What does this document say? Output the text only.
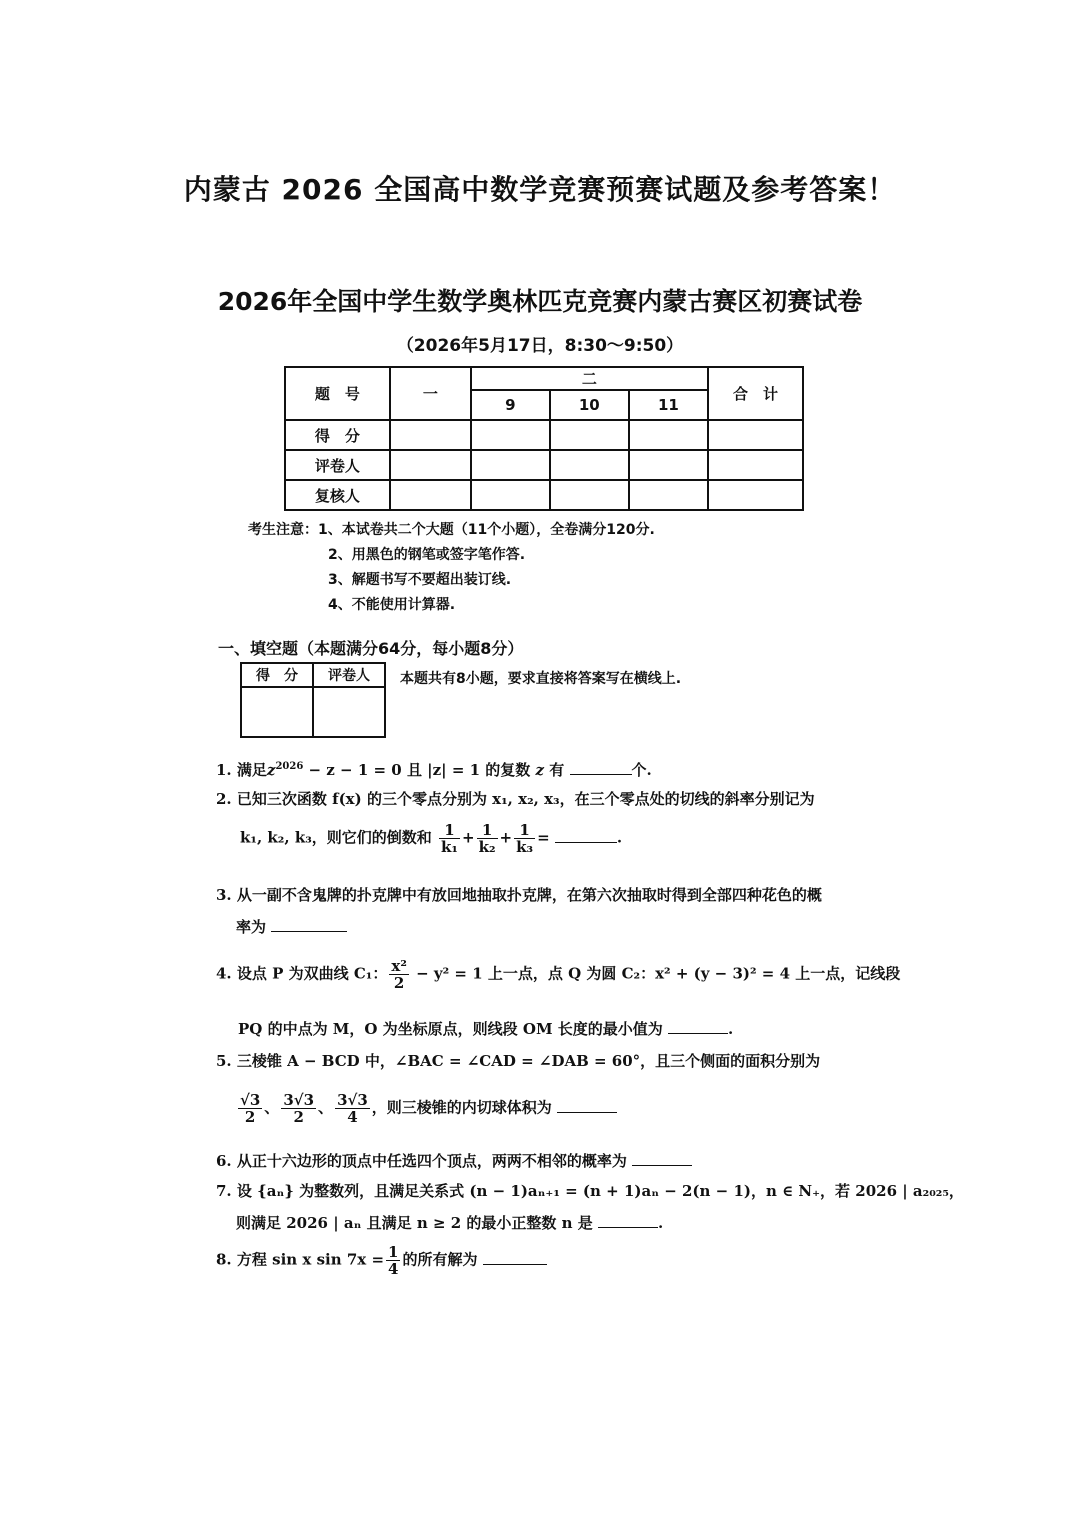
内蒙古 2026 全国高中数学竞赛预赛试题及参考答案！
2026年全国中学生数学奥林匹克竞赛内蒙古赛区初赛试卷
（2026年5月17日，8:30～9:50）
题　号	一	二			合　计
		9	10	11	
得　分					
评卷人					
复核人					
考生注意：1、本试卷共二个大题（11个小题），全卷满分120分.
2、用黑色的钢笔或签字笔作答.
3、解题书写不要超出装订线.
4、不能使用计算器.
一、填空题（本题满分64分，每小题8分）
得　分	评卷人
	本题共有8小题，要求直接将答案写在横线上.
1. 满足$z^{2026} - z - 1 = 0$ 且 |z| = 1 的复数 z 有	个.
2. 已知三次函数 f(x) 的三个零点分别为 x₁, x₂, x₃，在三个零点处的切线的斜率分别记为
k₁, k₂, k₃，则它们的倒数和 $\frac{1}{\text{k₁}} + \frac{1}{\text{k₂}} + \frac{1}{\text{k₃}}$ =	.
3. 从一副不含鬼牌的扑克牌中有放回地抽取扑克牌，在第六次抽取时得到全部四种花色的概
率为
4. 设点 P 为双曲线 C₁： $\frac{\text{x²}}{2} - y^2 = 1$ 上一点，点 Q 为圆 C₂：x² + (y − 3)² = 4 上一点，记线段
PQ 的中点为 M，O 为坐标原点，则线段 OM 长度的最小值为	.
5. 三棱锥 A − BCD 中，∠BAC = ∠CAD = ∠DAB = 60°，且三个侧面的面积分别为
$\frac{√3}{2}$ 、 $\frac{3√3}{2}$ 、 $\frac{3√3}{4}$ ，则三棱锥的内切球体积为
6. 从正十六边形的顶点中任选四个顶点，两两不相邻的概率为
7. 设 {aₙ} 为整数列，且满足关系式 (n − 1)aₙ₊₁ = (n + 1)aₙ − 2(n − 1)，n ∈ N₊，若 2026 | a₂₀₂₅，
则满足 2026 | aₙ 且满足 n ≥ 2 的最小正整数 n 是	.
8. 方程 sin x $\sin 7x = \frac{1}{4}$ 的所有解为
